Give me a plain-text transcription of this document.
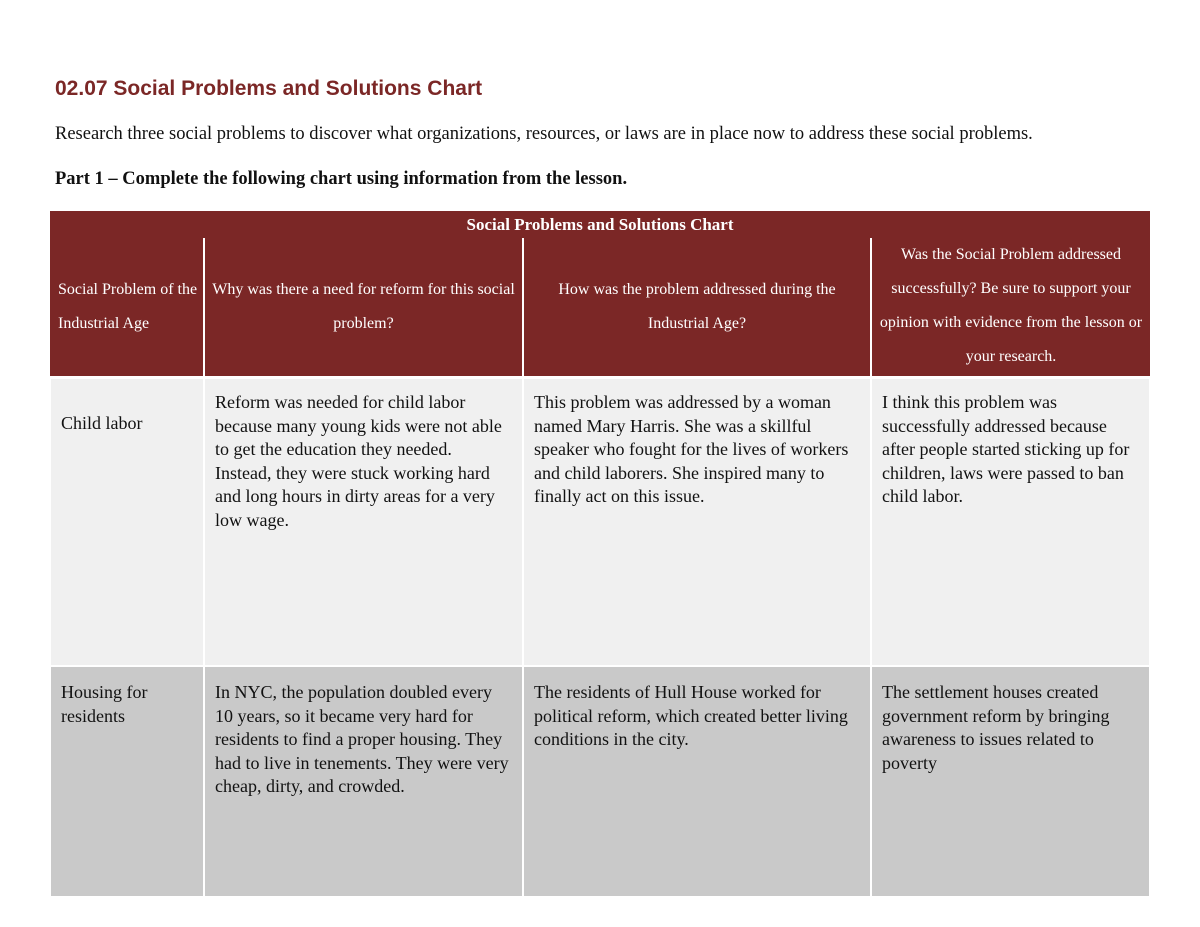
02.07 Social Problems and Solutions Chart

Research three social problems to discover what organizations, resources, or laws are in place now to address these social problems.

Part 1 – Complete the following chart using information from the lesson.

Social Problems and Solutions Chart			
Social Problem of the Industrial Age	Why was there a need for reform for this social problem?	How was the problem addressed during the Industrial Age?	Was the Social Problem addressed successfully? Be sure to support your opinion with evidence from the lesson or your research.
Child labor	Reform was needed for child labor because many young kids were not able to get the education they needed. Instead, they were stuck working hard and long hours in dirty areas for a very low wage.	This problem was addressed by a woman named Mary Harris. She was a skillful speaker who fought for the lives of workers and child laborers. She inspired many to finally act on this issue.	I think this problem was successfully addressed because after people started sticking up for children, laws were passed to ban child labor.
Housing for residents	In NYC, the population doubled every 10 years, so it became very hard for residents to find a proper housing. They had to live in tenements. They were very cheap, dirty, and crowded.	The residents of Hull House worked for political reform, which created better living conditions in the city.	The settlement houses created government reform by bringing awareness to issues related to poverty
